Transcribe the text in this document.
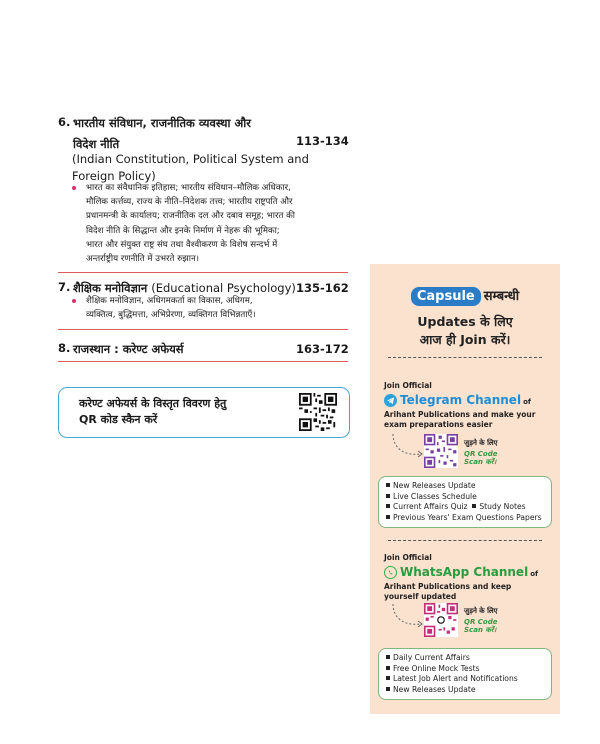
6. भारतीय संविधान, राजनीतिक व्यवस्था और
विदेश नीति	113-134
(Indian Constitution, Political System and
Foreign Policy)
भारत का संवैधानिक इतिहास; भारतीय संविधान–मौलिक अधिकार,
मौलिक कर्त्तव्य, राज्य के नीति–निदेशक तत्त्व; भारतीय राष्ट्रपति और
प्रधानमन्त्री के कार्यालय; राजनीतिक दल और दबाव समूह; भारत की
विदेश नीति के सिद्धान्त और इनके निर्माण में नेहरू की भूमिका;
भारत और संयुक्त राष्ट्र संघ तथा वैश्वीकरण के विशेष सन्दर्भ में
अन्तर्राष्ट्रीय रणनीति में उभरते रुझान।
7. शैक्षिक मनोविज्ञान (Educational Psychology) 135-162
शैक्षिक मनोविज्ञान, अधिगमकर्ता का विकास, अधिगम,
व्यक्तित्व, बुद्धिमत्ता, अभिप्रेरणा, व्यक्तिगत विभिन्नताएँ।
8. राजस्थान : करेण्ट अफेयर्स	163-172
करेण्ट अफेयर्स के विस्तृत विवरण हेतु
QR कोड स्कैन करें
Capsule सम्बन्धी
Updates के लिए
आज ही Join करें।
Join Official
Telegram Channel of
Arihant Publications and make your
exam preparations easier
जुड़ने के लिए
QR Code
Scan करें।
New Releases Update
Live Classes Schedule
Current Affairs Quiz Study Notes
Previous Years' Exam Questions Papers
Join Official
WhatsApp Channel of
Arihant Publications and keep
yourself updated
जुड़ने के लिए
QR Code
Scan करें।
Daily Current Affairs
Free Online Mock Tests
Latest Job Alert and Notifications
New Releases Update
